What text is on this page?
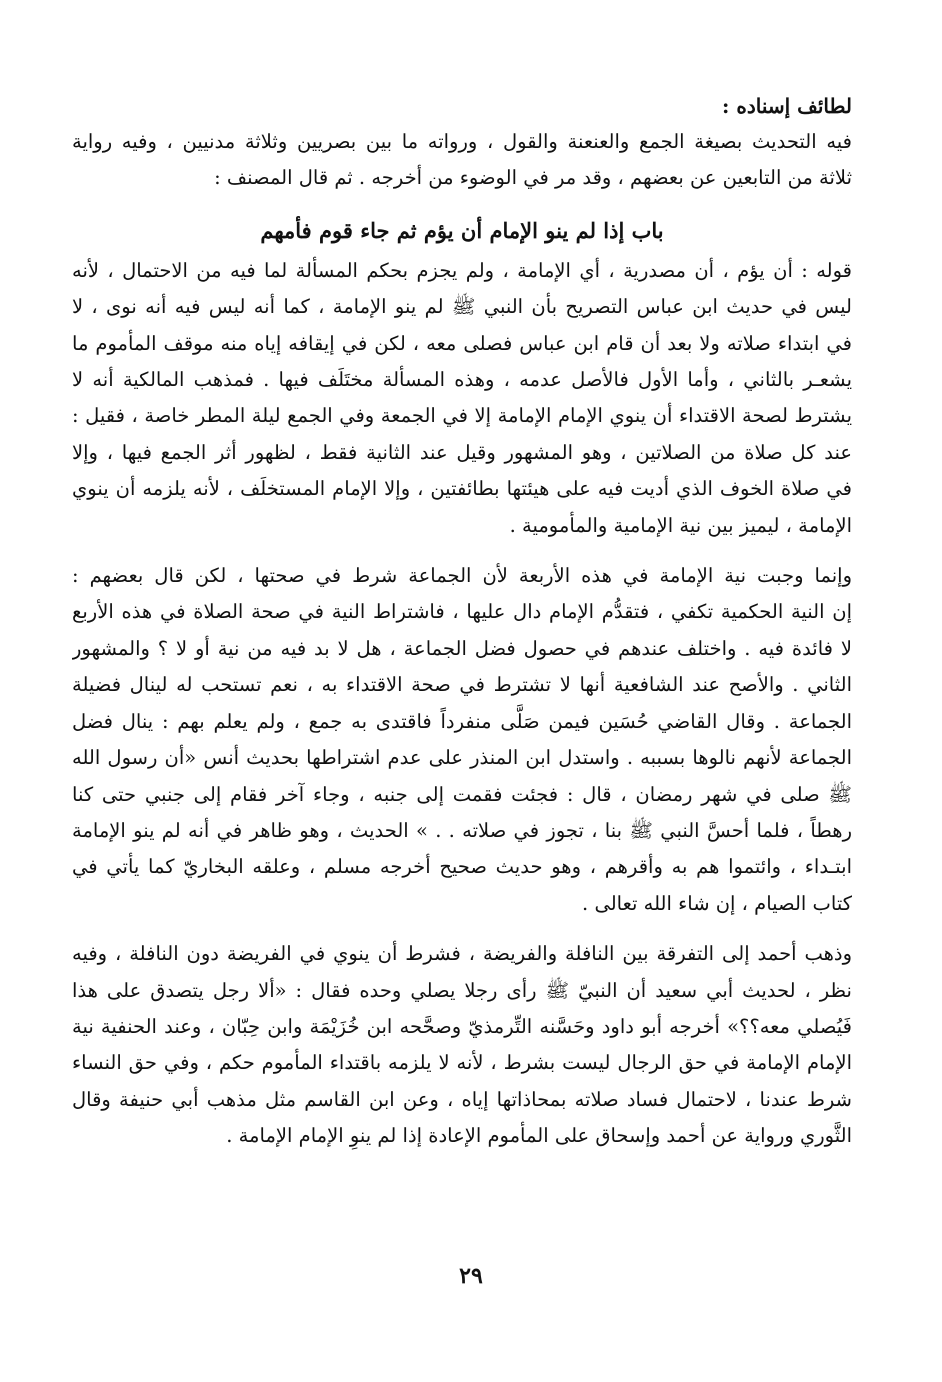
لطائف إسناده :
فيه التحديث بصيغة الجمع والعنعنة والقول ، ورواته ما بين بصريين وثلاثة مدنيين ، وفيه رواية
ثلاثة من التابعين عن بعضهم ، وقد مر في الوضوء من أخرجه . ثم قال المصنف :
باب إذا لم ينو الإمام أن يؤم ثم جاء قوم فأمهم
قوله : أن يؤم ، أن مصدرية ، أي الإمامة ، ولم يجزم بحكم المسألة لما فيه من الاحتمال ، لأنه
ليس في حديث ابن عباس التصريح بأن النبي ﷺ لم ينو الإمامة ، كما أنه ليس فيه أنه نوى ، لا
في ابتداء صلاته ولا بعد أن قام ابن عباس فصلى معه ، لكن في إيقافه إياه منه موقف المأموم ما
يشعـر بالثاني ، وأما الأول فالأصل عدمه ، وهذه المسألة مختَلَف فيها . فمذهب المالكية أنه لا
يشترط لصحة الاقتداء أن ينوي الإمام الإمامة إلا في الجمعة وفي الجمع ليلة المطر خاصة ، فقيل :
عند كل صلاة من الصلاتين ، وهو المشهور وقيل عند الثانية فقط ، لظهور أثر الجمع فيها ، وإلا
في صلاة الخوف الذي أديت فيه على هيئتها بطائفتين ، وإلا الإمام المستخلَف ، لأنه يلزمه أن ينوي
الإمامة ، ليميز بين نية الإمامية والمأمومية .
وإنما وجبت نية الإمامة في هذه الأربعة لأن الجماعة شرط في صحتها ، لكن قال بعضهم :
إن النية الحكمية تكفي ، فتقدُّم الإمام دال عليها ، فاشتراط النية في صحة الصلاة في هذه الأربع
لا فائدة فيه . واختلف عندهم في حصول فضل الجماعة ، هل لا بد فيه من نية أو لا ؟ والمشهور
الثاني . والأصح عند الشافعية أنها لا تشترط في صحة الاقتداء به ، نعم تستحب له لينال فضيلة
الجماعة . وقال القاضي حُسَين فيمن صَلَّى منفرداً فاقتدى به جمع ، ولم يعلم بهم : ينال فضل
الجماعة لأنهم نالوها بسببه . واستدل ابن المنذر على عدم اشتراطها بحديث أنس «أن رسول الله
ﷺ صلى في شهر رمضان ، قال : فجئت فقمت إلى جنبه ، وجاء آخر فقام إلى جنبي حتى كنا
رهطاً ، فلما أحسَّ النبي ﷺ بنا ، تجوز في صلاته . . » الحديث ، وهو ظاهر في أنه لم ينو الإمامة
ابتـداء ، وائتموا هم به وأقرهم ، وهو حديث صحيح أخرجه مسلم ، وعلقه البخاريّ كما يأتي في
كتاب الصيام ، إن شاء الله تعالى .
وذهب أحمد إلى التفرقة بين النافلة والفريضة ، فشرط أن ينوي في الفريضة دون النافلة ، وفيه
نظر ، لحديث أبي سعيد أن النبيّ ﷺ رأى رجلا يصلي وحده فقال : «ألا رجل يتصدق على هذا
فَيُصلي معه؟؟» أخرجه أبو داود وحَسَّنه التِّرمذيّ وصحَّحه ابن خُزَيْمَة وابن حِبّان ، وعند الحنفية نية
الإمام الإمامة في حق الرجال ليست بشرط ، لأنه لا يلزمه باقتداء المأموم حكم ، وفي حق النساء
شرط عندنا ، لاحتمال فساد صلاته بمحاذاتها إياه ، وعن ابن القاسم مثل مذهب أبي حنيفة وقال
الثَّوري ورواية عن أحمد وإسحاق على المأموم الإعادة إذا لم ينوِ الإمام الإمامة .
٢٩
